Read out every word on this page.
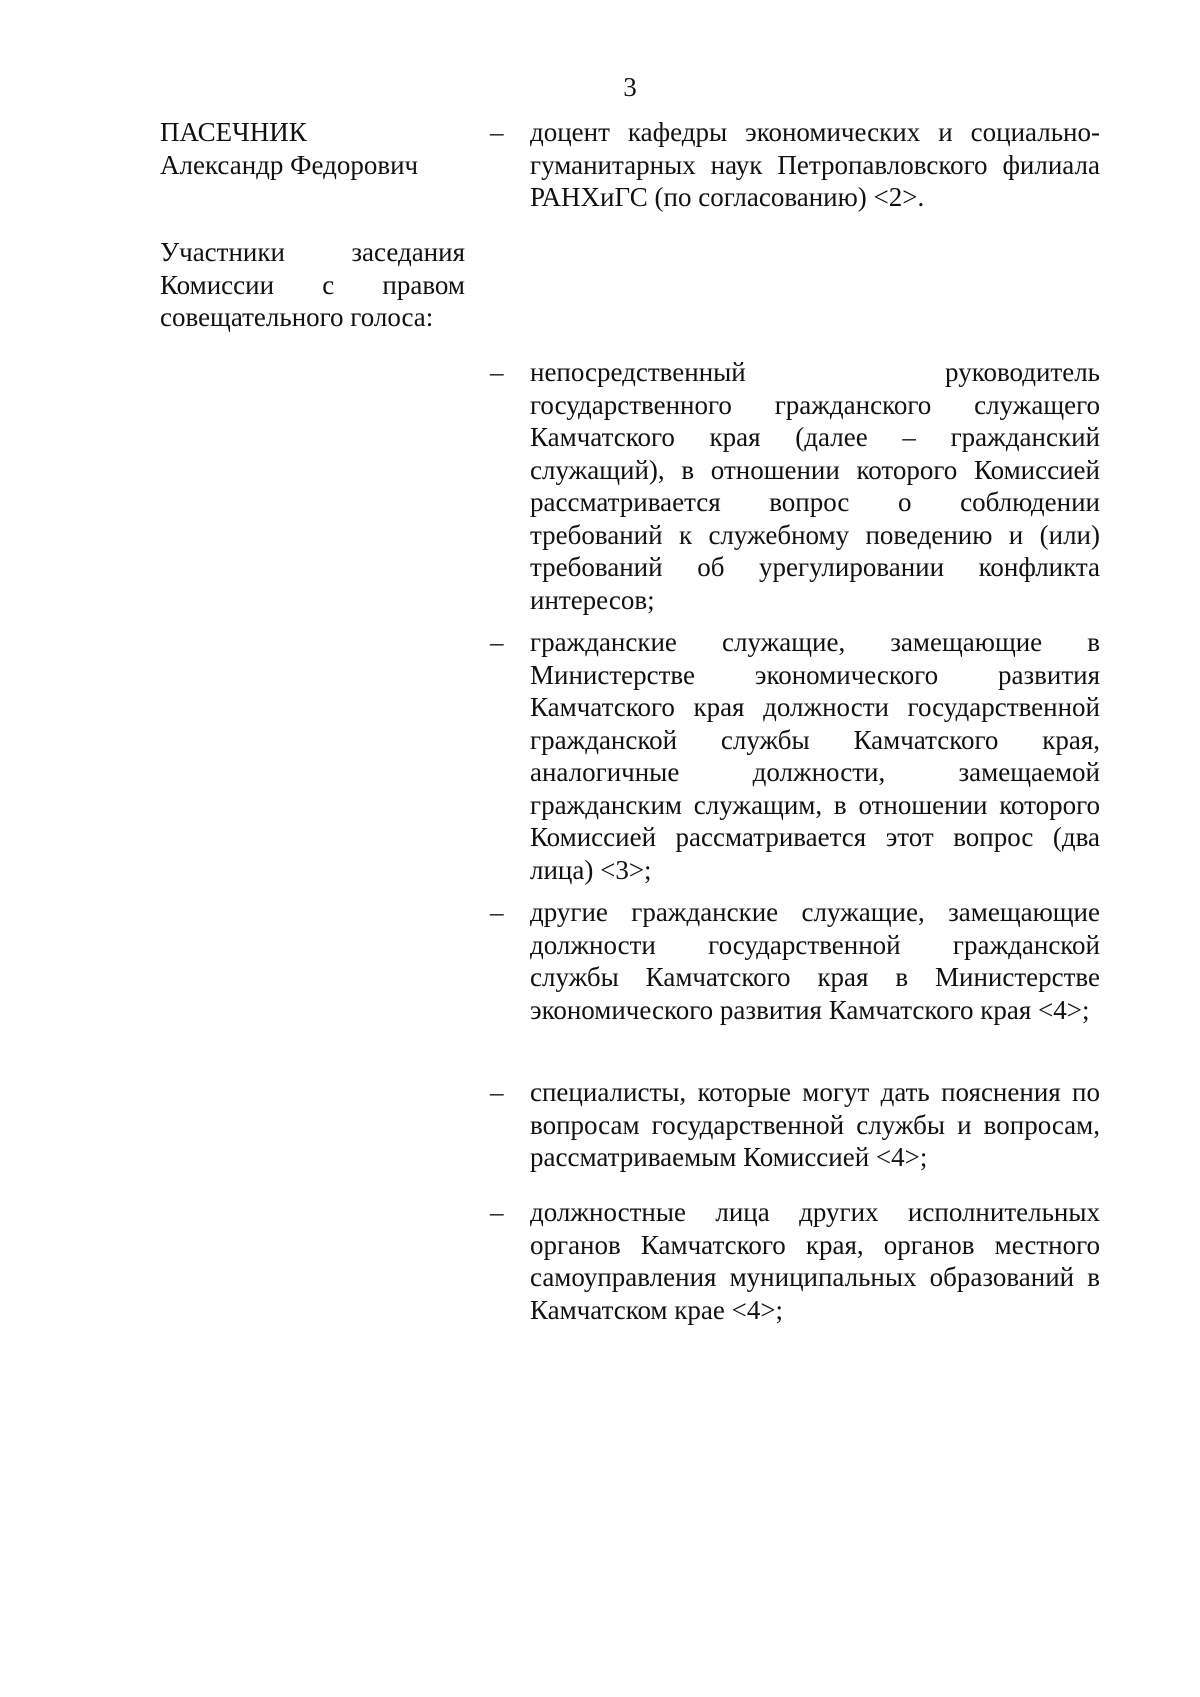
3
ПАСЕЧНИК
Александр Федорович
– доцент кафедры экономических и социально-гуманитарных наук Петропавловского филиала РАНХиГС (по согласованию) <2>.
Участники заседания
Комиссии с правом
совещательного голоса:
– непосредственный руководитель государственного гражданского служащего Камчатского края (далее – гражданский служащий), в отношении которого Комиссией рассматривается вопрос о соблюдении требований к служебному поведению и (или) требований об урегулировании конфликта интересов;
– гражданские служащие, замещающие в Министерстве экономического развития Камчатского края должности государственной гражданской службы Камчатского края, аналогичные должности, замещаемой гражданским служащим, в отношении которого Комиссией рассматривается этот вопрос (два лица) <3>;
– другие гражданские служащие, замещающие должности государственной гражданской службы Камчатского края в Министерстве экономического развития Камчатского края <4>;
– специалисты, которые могут дать пояснения по вопросам государственной службы и вопросам, рассматриваемым Комиссией <4>;
– должностные лица других исполнительных органов Камчатского края, органов местного самоуправления муниципальных образований в Камчатском крае <4>;
